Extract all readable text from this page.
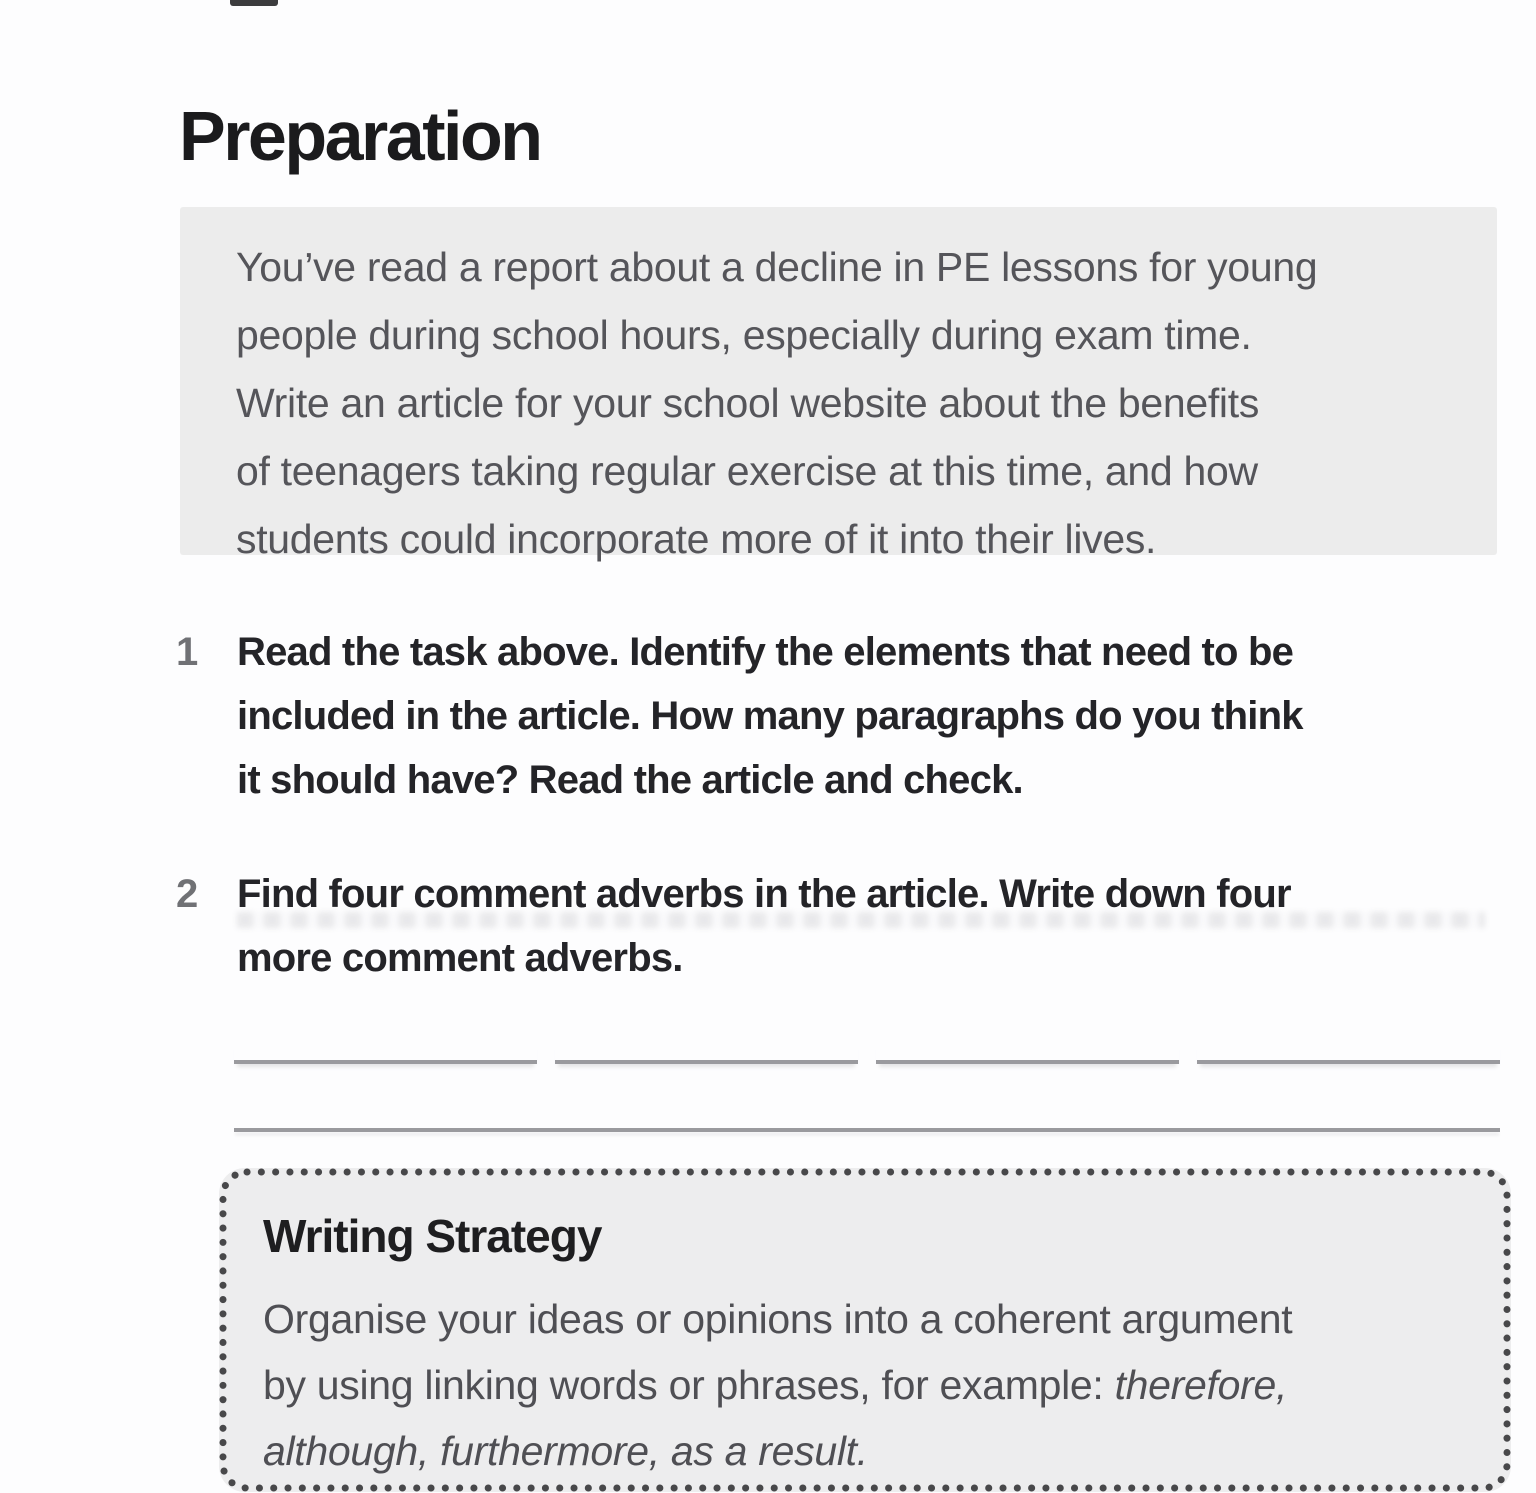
Preparation
You’ve read a report about a decline in PE lessons for young
people during school hours, especially during exam time.
Write an article for your school website about the benefits
of teenagers taking regular exercise at this time, and how
students could incorporate more of it into their lives.
1 Read the task above. Identify the elements that need to be
included in the article. How many paragraphs do you think
it should have? Read the article and check.
2 Find four comment adverbs in the article. Write down four
more comment adverbs.
Writing Strategy
Organise your ideas or opinions into a coherent argument
by using linking words or phrases, for example: therefore,
although, furthermore, as a result.
